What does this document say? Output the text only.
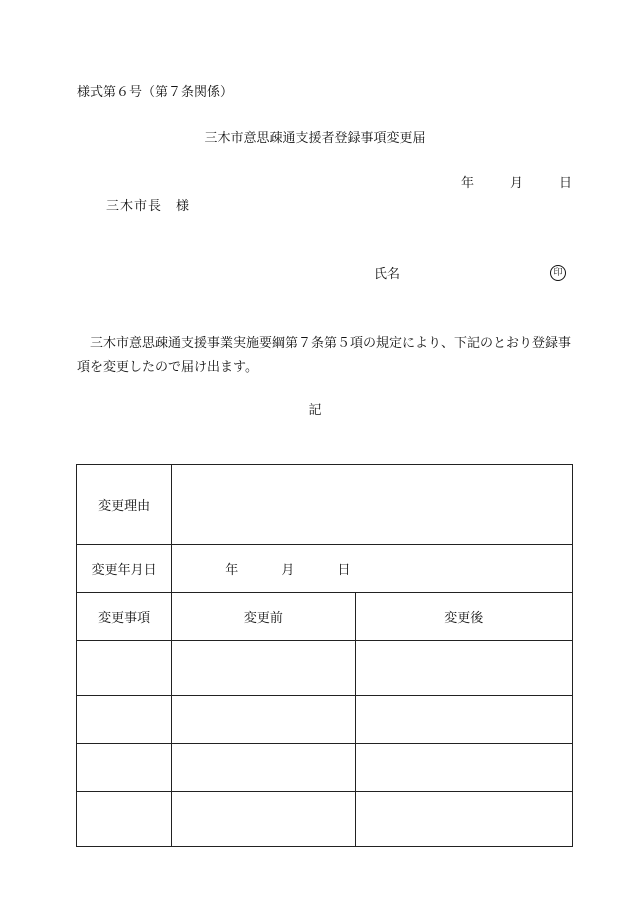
様式第６号（第７条関係）
三木市意思疎通支援者登録事項変更届
年	月	日
三木市長　様
氏名	印
三木市意思疎通支援事業実施要綱第７条第５項の規定により、下記のとおり登録事項を変更したので届け出ます。
記
変更理由		
変更年月日	年 月 日	
変更事項	変更前	変更後
